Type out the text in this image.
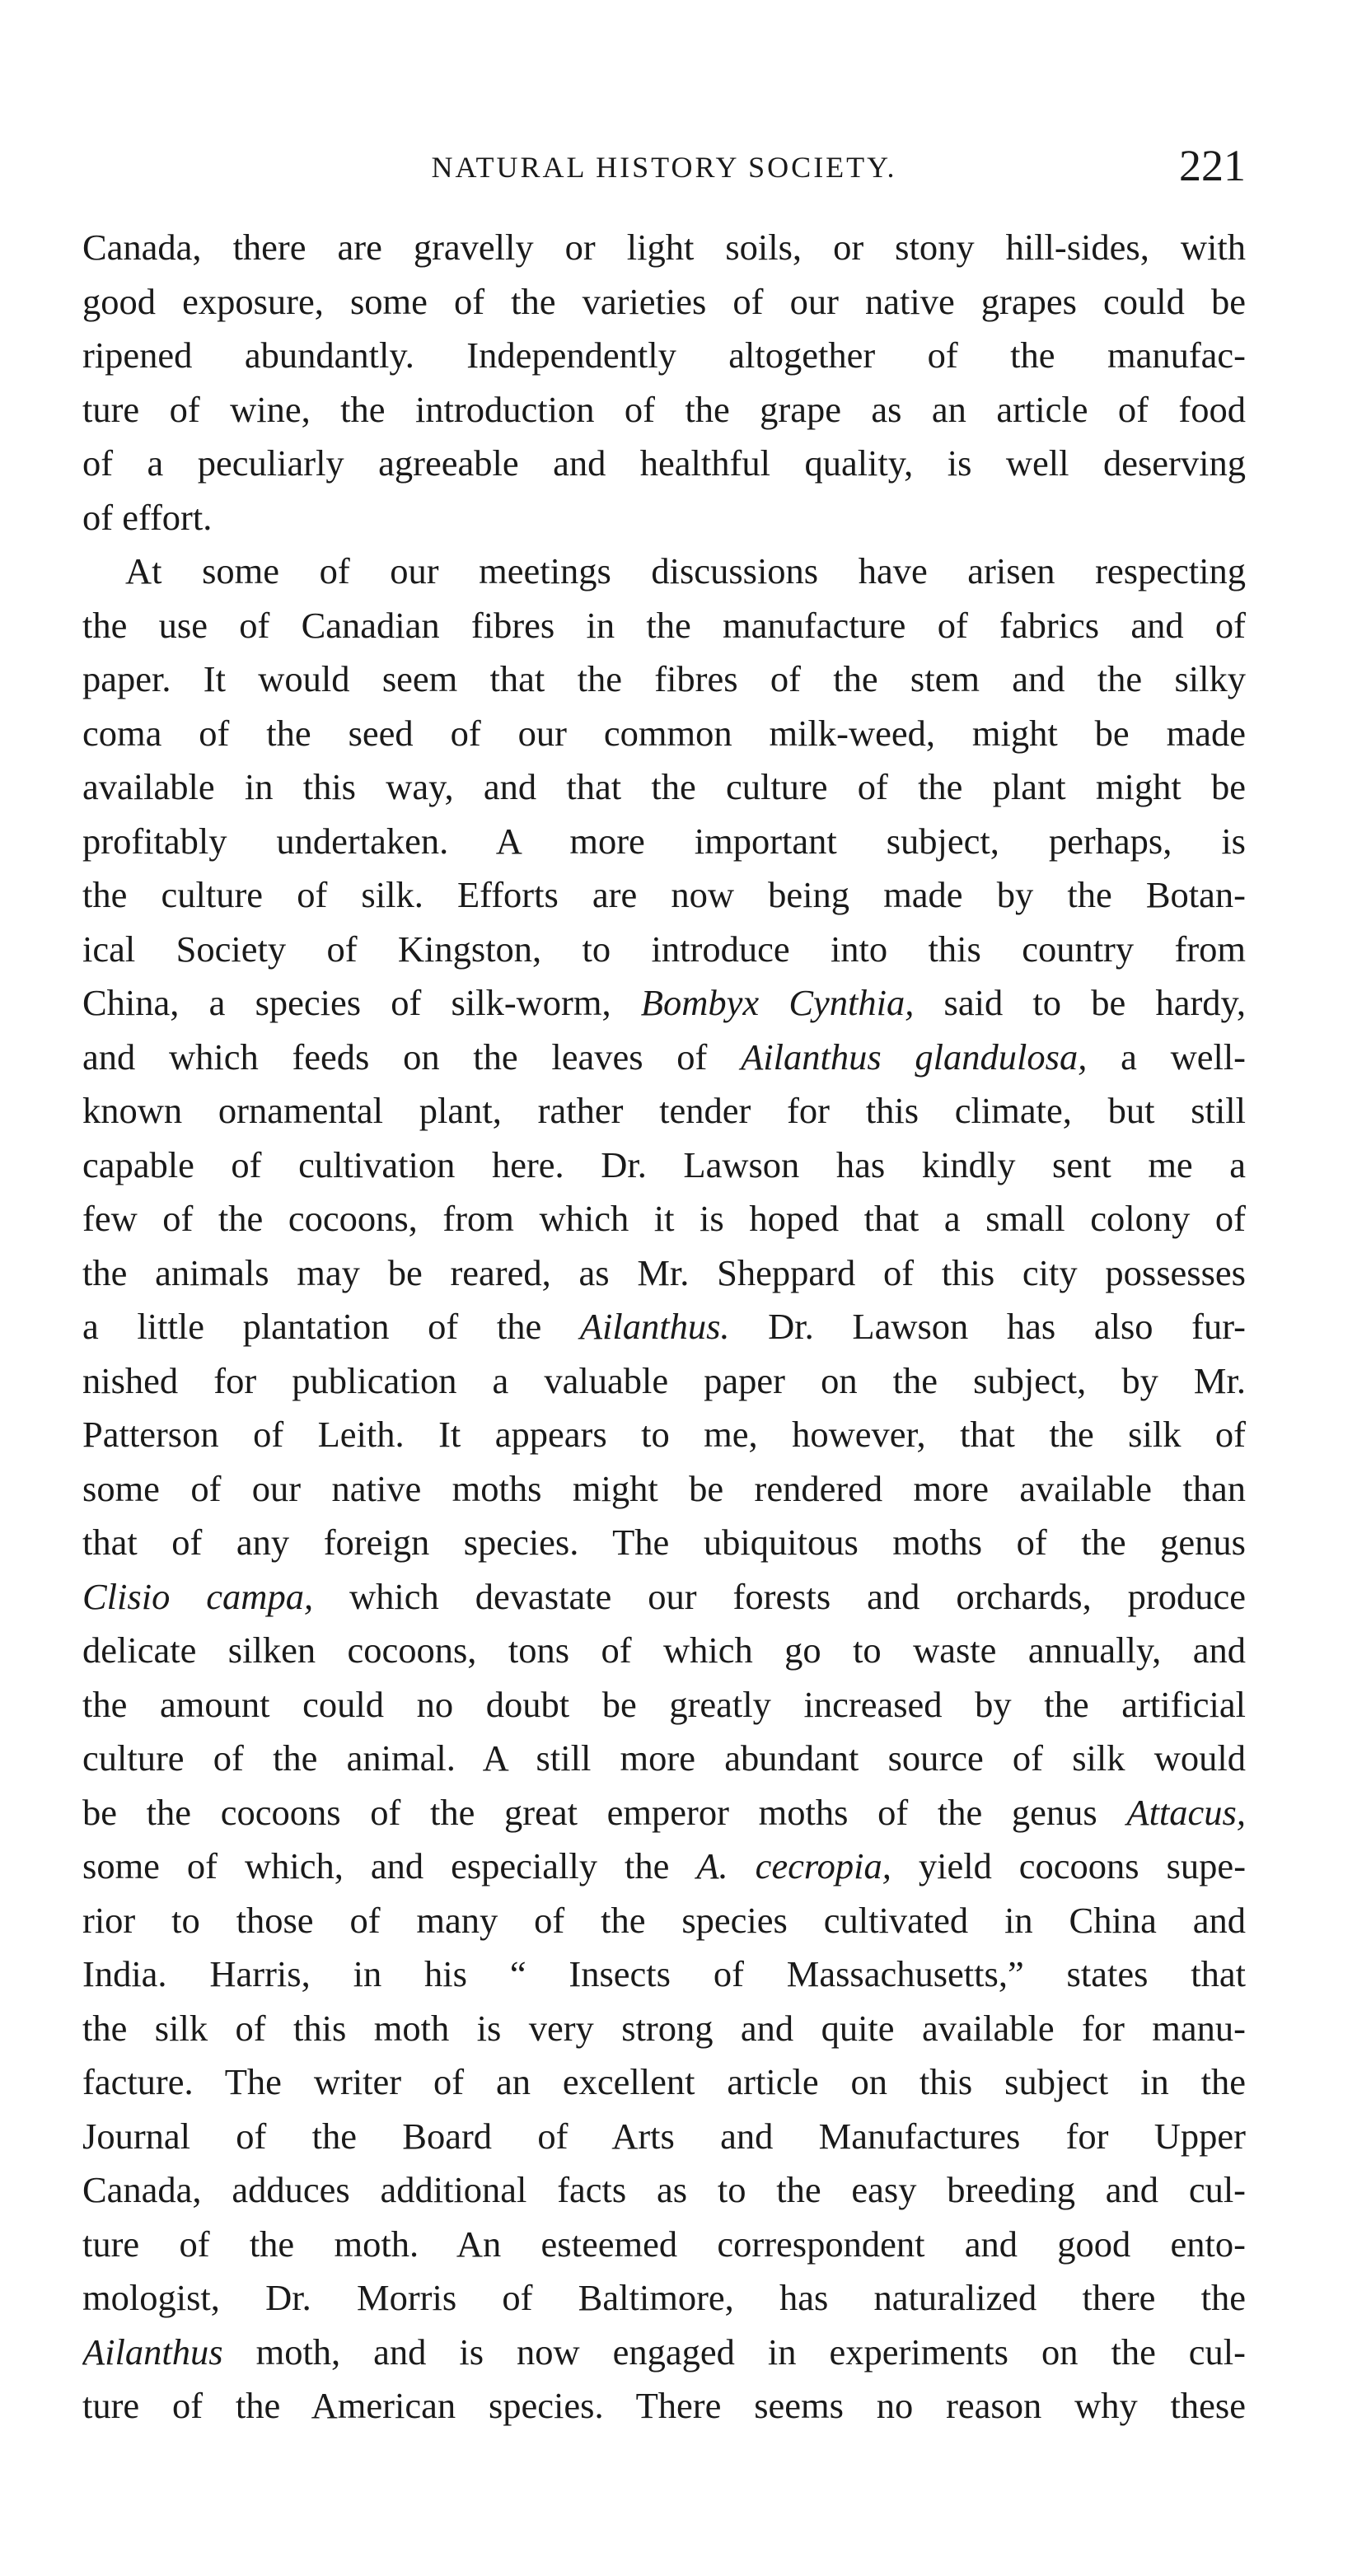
NATURAL HISTORY SOCIETY.	221
Canada, there are gravelly or light soils, or stony hill-sides, with
good exposure, some of the varieties of our native grapes could be
ripened abundantly. Independently altogether of the manufac-
ture of wine, the introduction of the grape as an article of food
of a peculiarly agreeable and healthful quality, is well deserving
of effort.
At some of our meetings discussions have arisen respecting
the use of Canadian fibres in the manufacture of fabrics and of
paper. It would seem that the fibres of the stem and the silky
coma of the seed of our common milk-weed, might be made
available in this way, and that the culture of the plant might be
profitably undertaken. A more important subject, perhaps, is
the culture of silk. Efforts are now being made by the Botan-
ical Society of Kingston, to introduce into this country from
China, a species of silk-worm, Bombyx Cynthia, said to be hardy,
and which feeds on the leaves of Ailanthus glandulosa, a well-
known ornamental plant, rather tender for this climate, but still
capable of cultivation here. Dr. Lawson has kindly sent me a
few of the cocoons, from which it is hoped that a small colony of
the animals may be reared, as Mr. Sheppard of this city possesses
a little plantation of the Ailanthus. Dr. Lawson has also fur-
nished for publication a valuable paper on the subject, by Mr.
Patterson of Leith. It appears to me, however, that the silk of
some of our native moths might be rendered more available than
that of any foreign species. The ubiquitous moths of the genus
Clisio campa, which devastate our forests and orchards, produce
delicate silken cocoons, tons of which go to waste annually, and
the amount could no doubt be greatly increased by the artificial
culture of the animal. A still more abundant source of silk would
be the cocoons of the great emperor moths of the genus Attacus,
some of which, and especially the A. cecropia, yield cocoons supe-
rior to those of many of the species cultivated in China and
India. Harris, in his “ Insects of Massachusetts,” states that
the silk of this moth is very strong and quite available for manu-
facture. The writer of an excellent article on this subject in the
Journal of the Board of Arts and Manufactures for Upper
Canada, adduces additional facts as to the easy breeding and cul-
ture of the moth. An esteemed correspondent and good ento-
mologist, Dr. Morris of Baltimore, has naturalized there the
Ailanthus moth, and is now engaged in experiments on the cul-
ture of the American species. There seems no reason why these
